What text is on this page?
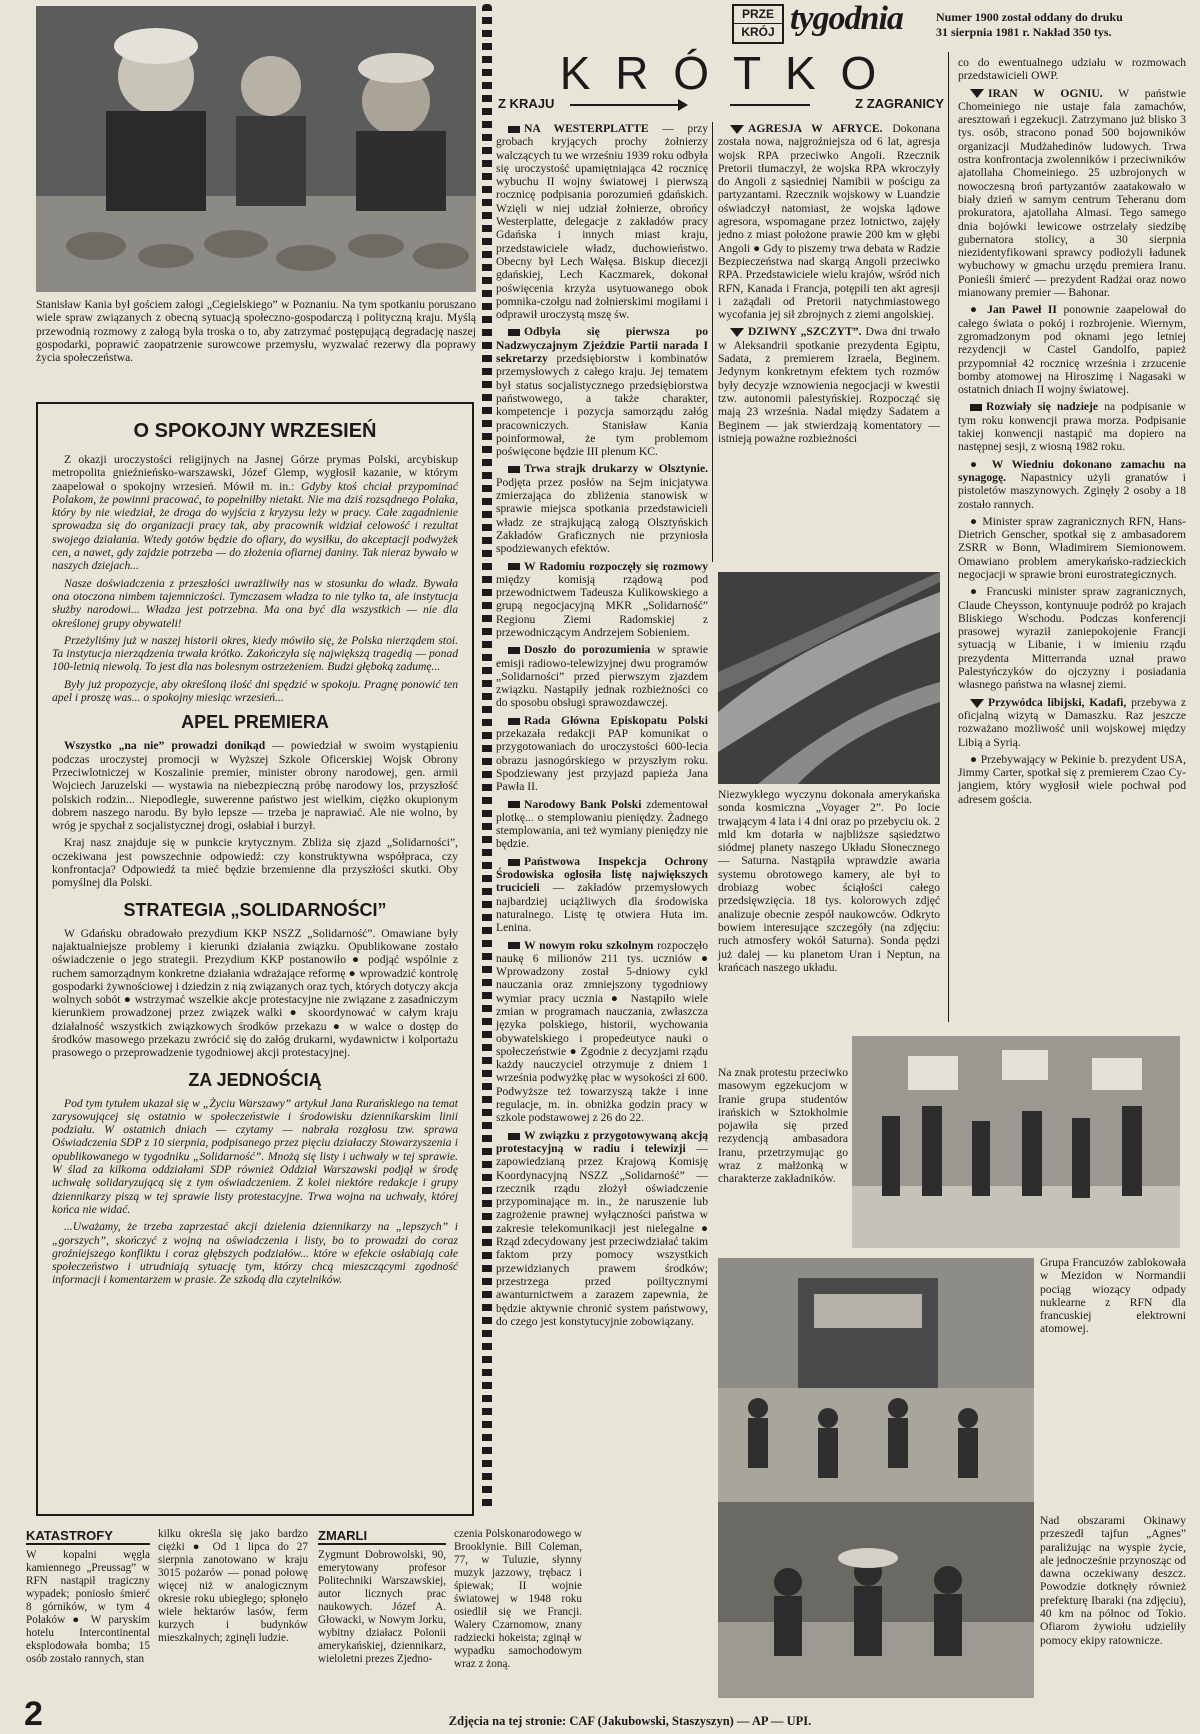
Stanisław Kania był gościem załogi „Cegielskiego” w Poznaniu. Na tym spotkaniu poruszano wiele spraw związanych z obecną sytuacją społeczno-gospodarczą i polityczną kraju. Myślą przewodnią rozmowy z załogą była troska o to, aby zatrzymać postępującą degradację naszej gospodarki, poprawić zaopatrzenie surowcowe przemysłu, wyzwalać rezerwy dla poprawy życia społeczeństwa.
O SPOKOJNY WRZESIEŃ

Z okazji uroczystości religijnych na Jasnej Górze prymas Polski, arcybiskup metropolita gnieźnieńsko-warszawski, Józef Glemp, wygłosił kazanie, w którym zaapelował o spokojny wrzesień. Mówił m. in.: Gdyby ktoś chciał przypominać Polakom, że powinni pracować, to popełniłby nietakt. Nie ma dziś rozsądnego Polaka, który by nie wiedział, że droga do wyjścia z kryzysu leży w pracy. Całe zagadnienie sprowadza się do organizacji pracy tak, aby pracownik widział celowość i rezultat swojego działania. Wtedy gotów będzie do ofiary, do wysiłku, do akceptacji podwyżek cen, a nawet, gdy zajdzie potrzeba — do złożenia ofiarnej daniny. Tak nieraz bywało w naszych dziejach...

Nasze doświadczenia z przeszłości uwrażliwiły nas w stosunku do władz. Bywała ona otoczona nimbem tajemniczości. Tymczasem władza to nie tylko ta, ale instytucja służby narodowi... Władza jest potrzebna. Ma ona być dla wszystkich — nie dla określonej grupy obywateli!

Przeżyliśmy już w naszej historii okres, kiedy mówiło się, że Polska nierządem stoi. Ta instytucja nierządzenia trwała krótko. Zakończyła się największą tragedią — ponad 100-letnią niewolą. To jest dla nas bolesnym ostrzeżeniem. Budzi głęboką zadumę...

Były już propozycje, aby określoną ilość dni spędzić w spokoju. Pragnę ponowić ten apel i proszę was... o spokojny miesiąc wrzesień...

APEL PREMIERA

Wszystko „na nie” prowadzi donikąd — powiedział w swoim wystąpieniu podczas uroczystej promocji w Wyższej Szkole Oficerskiej Wojsk Obrony Przeciwlotniczej w Koszalinie premier, minister obrony narodowej, gen. armii Wojciech Jaruzelski — wystawia na niebezpieczną próbę narodowy los, przyszłość polskich rodzin... Niepodległe, suwerenne państwo jest wielkim, ciężko okupionym dobrem naszego narodu. By było lepsze — trzeba je naprawiać. Ale nie wolno, by wróg je spychał z socjalistycznej drogi, osłabiał i burzył.

Kraj nasz znajduje się w punkcie krytycznym. Zbliża się zjazd „Solidarności”, oczekiwana jest powszechnie odpowiedź: czy konstruktywna współpraca, czy konfrontacja? Odpowiedź ta mieć będzie brzemienne dla przyszłości skutki. Oby pomyślnej dla Polski.

STRATEGIA „SOLIDARNOŚCI”

W Gdańsku obradowało prezydium KKP NSZZ „Solidarność”. Omawiane były najaktualniejsze problemy i kierunki działania związku. Opublikowane zostało oświadczenie o jego strategii. Prezydium KKP postanowiło ● podjąć wspólnie z ruchem samorządnym konkretne działania wdrażające reformę ● wprowadzić kontrolę gospodarki żywnościowej i dziedzin z nią związanych oraz tych, których dotyczy akcja wolnych sobót ● wstrzymać wszelkie akcje protestacyjne nie związane z zasadniczym kierunkiem prowadzonej przez związek walki ● skoordynować w całym kraju działalność wszystkich związkowych środków przekazu ● w walce o dostęp do środków masowego przekazu zwrócić się do załóg drukarni, wydawnictw i kolportażu prasowego o przeprowadzenie tygodniowej akcji protestacyjnej.

ZA JEDNOŚCIĄ

Pod tym tytułem ukazał się w „Życiu Warszawy” artykuł Jana Rurańskiego na temat zarysowującej się ostatnio w społeczeństwie i środowisku dziennikarskim linii podziału. W ostatnich dniach — czytamy — nabrała rozgłosu tzw. sprawa Oświadczenia SDP z 10 sierpnia, podpisanego przez pięciu działaczy Stowarzyszenia i opublikowanego w tygodniku „Solidarność”. Mnożą się listy i uchwały w tej sprawie. W ślad za kilkoma oddziałami SDP również Oddział Warszawski podjął w środę uchwałę solidaryzującą się z tym oświadczeniem. Z kolei niektóre redakcje i grupy dziennikarzy piszą w tej sprawie listy protestacyjne. Trwa wojna na uchwały, której końca nie widać.

...Uważamy, że trzeba zaprzestać akcji dzielenia dziennikarzy na „lepszych” i „gorszych”, skończyć z wojną na oświadczenia i listy, bo to prowadzi do coraz groźniejszego konfliktu i coraz głębszych podziałów... które w efekcie osłabiają całe społeczeństwo i utrudniają sytuację tym, którzy chcą mieszczącymi zgodność informacji i komentarzem w prasie. Ze szkodą dla czytelników.

KATASTROFY
W kopalni węgla kamiennego „Preussag” w RFN nastąpił tragiczny wypadek; poniosło śmierć 8 górników, w tym 4 Polaków ● W paryskim hotelu Intercontinental eksplodowała bomba; 15 osób zostało rannych, stan
kilku określa się jako bardzo ciężki ● Od 1 lipca do 27 sierpnia zanotowano w kraju 3015 pożarów — ponad połowę więcej niż w analogicznym okresie roku ubiegłego; spłonęło wiele hektarów lasów, ferm kurzych i budynków mieszkalnych; zginęli ludzie.
ZMARLI
Zygmunt Dobrowolski, 90, emerytowany profesor Politechniki Warszawskiej, autor licznych prac naukowych. Józef A. Głowacki, w Nowym Jorku, wybitny działacz Polonii amerykańskiej, dziennikarz, wieloletni prezes Zjedno-
czenia Polskonarodowego w Brooklynie. Bill Coleman, 77, w Tuluzie, słynny muzyk jazzowy, trębacz i śpiewak; II wojnie światowej w 1948 roku osiedlił się we Francji. Walery Czarnomow, znany radziecki hokeista; zginął w wypadku samochodowym wraz z żoną.
PRZE
KRÓJ tygodnia	Numer 1900 został oddany do druku
31 sierpnia 1981 r. Nakład 350 tys.
K R Ó T K O
Z KRAJU	Z ZAGRANICY

NA WESTERPLATTE — przy grobach kryjących prochy żołnierzy walczących tu we wrześniu 1939 roku odbyła się uroczystość upamiętniająca 42 rocznicę wybuchu II wojny światowej i pierwszą rocznicę podpisania porozumień gdańskich. Wzięli w niej udział żołnierze, obrońcy Westerplatte, delegacje z zakładów pracy Gdańska i innych miast kraju, przedstawiciele władz, duchowieństwo. Obecny był Lech Wałęsa. Biskup diecezji gdańskiej, Lech Kaczmarek, dokonał poświęcenia krzyża usytuowanego obok pomnika-czołgu nad żołnierskimi mogiłami i odprawił uroczystą mszę św.

Odbyła się pierwsza po Nadzwyczajnym Zjeździe Partii narada I sekretarzy przedsiębiorstw i kombinatów przemysłowych z całego kraju. Jej tematem był status socjalistycznego przedsiębiorstwa państwowego, a także charakter, kompetencje i pozycja samorządu załóg pracowniczych. Stanisław Kania poinformował, że tym problemom poświęcone będzie III plenum KC.

Trwa strajk drukarzy w Olsztynie. Podjęta przez posłów na Sejm inicjatywa zmierzająca do zbliżenia stanowisk w sprawie miejsca spotkania przedstawicieli władz ze strajkującą załogą Olsztyńskich Zakładów Graficznych nie przyniosła spodziewanych efektów.

W Radomiu rozpoczęły się rozmowy między komisją rządową pod przewodnictwem Tadeusza Kulikowskiego a grupą negocjacyjną MKR „Solidarność” Regionu Ziemi Radomskiej z przewodniczącym Andrzejem Sobieniem.

Doszło do porozumienia w sprawie emisji radiowo-telewizyjnej dwu programów „Solidarności” przed pierwszym zjazdem związku. Nastąpiły jednak rozbieżności co do sposobu obsługi sprawozdawczej.

Rada Główna Episkopatu Polski przekazała redakcji PAP komunikat o przygotowaniach do uroczystości 600-lecia obrazu jasnogórskiego w przyszłym roku. Spodziewany jest przyjazd papieża Jana Pawła II.

Narodowy Bank Polski zdementował plotkę... o stemplowaniu pieniędzy. Żadnego stemplowania, ani też wymiany pieniędzy nie będzie.

Państwowa Inspekcja Ochrony Środowiska ogłosiła listę największych trucicieli — zakładów przemysłowych najbardziej uciążliwych dla środowiska naturalnego. Listę tę otwiera Huta im. Lenina.

W nowym roku szkolnym rozpoczęło naukę 6 milionów 211 tys. uczniów ● Wprowadzony został 5-dniowy cykl nauczania oraz zmniejszony tygodniowy wymiar pracy ucznia ● Nastąpiło wiele zmian w programach nauczania, zwłaszcza języka polskiego, historii, wychowania obywatelskiego i propedeutyce nauki o społeczeństwie ● Zgodnie z decyzjami rządu każdy nauczyciel otrzymuje z dniem 1 września podwyżkę płac w wysokości zł 600. Podwyższe też towarzyszą także i inne regulacje, m. in. obniżka godzin pracy w szkole podstawowej z 26 do 22.

W związku z przygotowywaną akcją protestacyjną w radiu i telewizji — zapowiedzianą przez Krajową Komisję Koordynacyjną NSZZ „Solidarność” — rzecznik rządu złożył oświadczenie przypominające m. in., że naruszenie lub zagrożenie prawnej wyłączności państwa w zakresie telekomunikacji jest nielegalne ● Rząd zdecydowany jest przeciwdziałać takim faktom przy pomocy wszystkich przewidzianych prawem środków; przestrzega przed poiltycznymi awanturnictwem a zarazem zapewnia, że będzie aktywnie chronić system państwowy, do czego jest konstytucyjnie zobowiązany.

AGRESJA W AFRYCE. Dokonana została nowa, najgroźniejsza od 6 lat, agresja wojsk RPA przeciwko Angoli. Rzecznik Pretorii tłumaczył, że wojska RPA wkroczyły do Angoli z sąsiedniej Namibii w pościgu za partyzantami. Rzecznik wojskowy w Luandzie oświadczył natomiast, że wojska lądowe agresora, wspomagane przez lotnictwo, zajęły jedno z miast położone prawie 200 km w głębi Angoli ● Gdy to piszemy trwa debata w Radzie Bezpieczeństwa nad skargą Angoli przeciwko RPA. Przedstawiciele wielu krajów, wśród nich RFN, Kanada i Francja, potępili ten akt agresji i zażądali od Pretorii natychmiastowego wycofania jej sił zbrojnych z ziemi angolskiej.

DZIWNY „SZCZYT”. Dwa dni trwało w Aleksandrii spotkanie prezydenta Egiptu, Sadata, z premierem Izraela, Beginem. Jedynym konkretnym efektem tych rozmów były decyzje wznowienia negocjacji w kwestii tzw. autonomii palestyńskiej. Rozpocząć się mają 23 września. Nadal między Sadatem a Beginem — jak stwierdzają komentatory — istnieją poważne rozbieżności

Niezwykłego wyczynu dokonała amerykańska sonda kosmiczna „Voyager 2”. Po locie trwającym 4 lata i 4 dni oraz po przebyciu ok. 2 mld km dotarła w najbliższe sąsiedztwo siódmej planety naszego Układu Słonecznego — Saturna. Nastąpiła wprawdzie awaria systemu obrotowego kamery, ale był to drobiazg wobec ściąłości całego przedsięwzięcia. 18 tys. kolorowych zdjęć analizuje obecnie zespół naukowców. Odkryto bowiem interesujące szczegóły (na zdjęciu: ruch atmosfery wokół Saturna). Sonda pędzi już dalej — ku planetom Uran i Neptun, na krańcach naszego układu.
Na znak protestu przeciwko masowym egzekucjom w Iranie grupa studentów irańskich w Sztokholmie pojawiła się przed rezydencją ambasadora Iranu, przetrzymując go wraz z małżonką w charakterze zakładników.
Grupa Francuzów zablokowała w Mezidon w Normandii pociąg wiozący odpady nuklearne z RFN dla francuskiej elektrowni atomowej.
Nad obszarami Okinawy przeszedł tajfun „Agnes” paraliżując na wyspie życie, ale jednocześnie przynosząc od dawna oczekiwany deszcz. Powodzie dotknęły również prefekturę Ibaraki (na zdjęciu), 40 km na północ od Tokio. Ofiarom żywiołu udzieliły pomocy ekipy ratownicze.

co do ewentualnego udziału w rozmowach przedstawicieli OWP.

IRAN W OGNIU. W państwie Chomeiniego nie ustaje fala zamachów, aresztowań i egzekucji. Zatrzymano już blisko 3 tys. osób, stracono ponad 500 bojowników organizacji Mudżahedinów ludowych. Trwa ostra konfrontacja zwolenników i przeciwników ajatollaha Chomeiniego. 25 uzbrojonych w nowoczesną broń partyzantów zaatakowało w biały dzień w samym centrum Teheranu dom prokuratora, ajatollaha Almasi. Tego samego dnia bojówki lewicowe ostrzelały siedzibę gubernatora stolicy, a 30 sierpnia niezidentyfikowani sprawcy podłożyli ładunek wybuchowy w gmachu urzędu premiera Iranu. Ponieśli śmierć — prezydent Radżai oraz nowo mianowany premier — Bahonar.

● Jan Paweł II ponownie zaapelował do całego świata o pokój i rozbrojenie. Wiernym, zgromadzonym pod oknami jego letniej rezydencji w Castel Gandolfo, papież przypomniał 42 rocznicę września i zrzucenie bomby atomowej na Hiroszimę i Nagasaki w ostatnich dniach II wojny światowej.

Rozwiały się nadzieje na podpisanie w tym roku konwencji prawa morza. Podpisanie takiej konwencji nastąpić ma dopiero na następnej sesji, z wiosną 1982 roku.

● W Wiedniu dokonano zamachu na synagogę. Napastnicy użyli granatów i pistoletów maszynowych. Zginęły 2 osoby a 18 zostało rannych.

● Minister spraw zagranicznych RFN, Hans-Dietrich Genscher, spotkał się z ambasadorem ZSRR w Bonn, Władimirem Siemionowem. Omawiano problem amerykańsko-radzieckich negocjacji w sprawie broni eurostrategicznych.

● Francuski minister spraw zagranicznych, Claude Cheysson, kontynuuje podróż po krajach Bliskiego Wschodu. Podczas konferencji prasowej wyraził zaniepokojenie Francji sytuacją w Libanie, i w imieniu rządu prezydenta Mitterranda uznał prawo Palestyńczyków do ojczyzny i posiadania własnego państwa na własnej ziemi.

Przywódca libijski, Kadafi, przebywa z oficjalną wizytą w Damaszku. Raz jeszcze rozważano możliwość unii wojskowej między Libią a Syrią.

● Przebywający w Pekinie b. prezydent USA, Jimmy Carter, spotkał się z premierem Czao Cy-jangiem, który wygłosił wiele pochwał pod adresem gościa.

2	Zdjęcia na tej stronie: CAF (Jakubowski, Staszyszyn) — AP — UPI.
